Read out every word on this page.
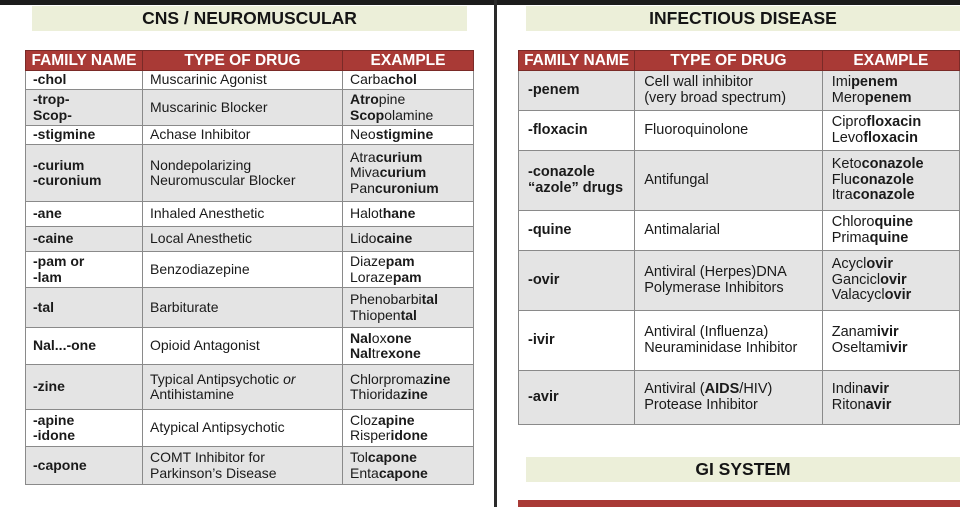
CNS / NEUROMUSCULAR
FAMILY NAME	TYPE OF DRUG	EXAMPLE
-chol	Muscarinic Agonist	Carbachol

-trop-
Scop-	Muscarinic Blocker	Atropine
Scopolamine

-stigmine	Achase Inhibitor	Neostigmine

-curium
-curonium	Nondepolarizing
Neuromuscular Blocker	Atracurium
Mivacurium
Pancuronium

-ane	Inhaled Anesthetic	Halothane

-caine	Local Anesthetic	Lidocaine

-pam or
-lam	Benzodiazepine	Diazepam
Lorazepam

-tal	Barbiturate	Phenobarbital
Thiopental

Nal...-one	Opioid Antagonist	Naloxone
Naltrexone

-zine	Typical Antipsychotic or
Antihistamine	Chlorpromazine
Thioridazine

-apine
-idone	Atypical Antipsychotic	Clozapine
Risperidone

-capone	COMT Inhibitor for
Parkinson’s Disease	Tolcapone
Entacapone
INFECTIOUS DISEASE
FAMILY NAME	TYPE OF DRUG	EXAMPLE
-penem	Cell wall inhibitor
(very broad spectrum)	Imipenem
Meropenem

-floxacin	Fluoroquinolone	Ciprofloxacin
Levofloxacin

-conazole
“azole” drugs	Antifungal	Ketoconazole
Fluconazole
Itraconazole

-quine	Antimalarial	Chloroquine
Primaquine

-ovir	Antiviral (Herpes)DNA
Polymerase Inhibitors	Acyclovir
Ganciclovir
Valacyclovir

-ivir	Antiviral (Influenza)
Neuraminidase Inhibitor	Zanamivir
Oseltamivir

-avir	Antiviral (AIDS/HIV)
Protease Inhibitor	Indinavir
Ritonavir
GI SYSTEM
